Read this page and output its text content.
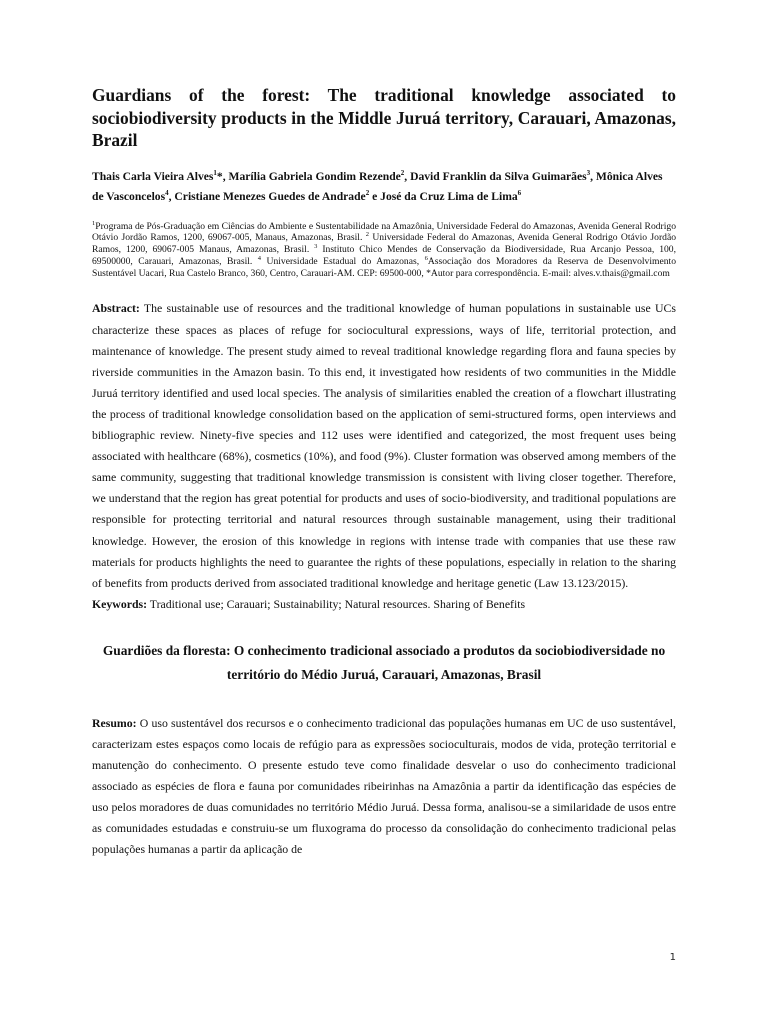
Guardians of the forest: The traditional knowledge associated to sociobiodiversity products in the Middle Juruá territory, Carauari, Amazonas, Brazil
Thais Carla Vieira Alves$^1$*, Marília Gabriela Gondim Rezende$^2$, David Franklin da Silva Guimarães$^3$, Mônica Alves de Vasconcelos$^4$, Cristiane Menezes Guedes de Andrade$^2$ e José da Cruz Lima de Lima$^6$

$^1$Programa de Pós-Graduação em Ciências do Ambiente e Sustentabilidade na Amazônia, Universidade Federal do Amazonas, Avenida General Rodrigo Otávio Jordão Ramos, 1200, 69067-005, Manaus, Amazonas, Brasil. $^2$ Universidade Federal do Amazonas, Avenida General Rodrigo Otávio Jordão Ramos, 1200, 69067-005 Manaus, Amazonas, Brasil. $^3$ Instituto Chico Mendes de Conservação da Biodiversidade, Rua Arcanjo Pessoa, 100, 69500000, Carauari, Amazonas, Brasil. $^4$ Universidade Estadual do Amazonas, $^6$Associação dos Moradores da Reserva de Desenvolvimento Sustentável Uacari, Rua Castelo Branco, 360, Centro, Carauari-AM. CEP: 69500-000, *Autor para correspondência. E-mail: alves.v.thais@gmail.com

Abstract: The sustainable use of resources and the traditional knowledge of human populations in sustainable use UCs characterize these spaces as places of refuge for sociocultural expressions, ways of life, territorial protection, and maintenance of knowledge. The present study aimed to reveal traditional knowledge regarding flora and fauna species by riverside communities in the Amazon basin. To this end, it investigated how residents of two communities in the Middle Juruá territory identified and used local species. The analysis of similarities enabled the creation of a flowchart illustrating the process of traditional knowledge consolidation based on the application of semi-structured forms, open interviews and bibliographic review. Ninety-five species and 112 uses were identified and categorized, the most frequent uses being associated with healthcare (68%), cosmetics (10%), and food (9%). Cluster formation was observed among members of the same community, suggesting that traditional knowledge transmission is consistent with living closer together. Therefore, we understand that the region has great potential for products and uses of socio-biodiversity, and traditional populations are responsible for protecting territorial and natural resources through sustainable management, using their traditional knowledge. However, the erosion of this knowledge in regions with intense trade with companies that use these raw materials for products highlights the need to guarantee the rights of these populations, especially in relation to the sharing of benefits from products derived from associated traditional knowledge and heritage genetic (Law 13.123/2015).

Keywords: Traditional use; Carauari; Sustainability; Natural resources. Sharing of Benefits

Guardiões da floresta: O conhecimento tradicional associado a produtos da sociobiodiversidade no território do Médio Juruá, Carauari, Amazonas, Brasil

Resumo: O uso sustentável dos recursos e o conhecimento tradicional das populações humanas em UC de uso sustentável, caracterizam estes espaços como locais de refúgio para as expressões socioculturais, modos de vida, proteção territorial e manutenção do conhecimento. O presente estudo teve como finalidade desvelar o uso do conhecimento tradicional associado as espécies de flora e fauna por comunidades ribeirinhas na Amazônia a partir da identificação das espécies de uso pelos moradores de duas comunidades no território Médio Juruá. Dessa forma, analisou-se a similaridade de usos entre as comunidades estudadas e construiu-se um fluxograma do processo da consolidação do conhecimento tradicional pelas populações humanas a partir da aplicação de

1
